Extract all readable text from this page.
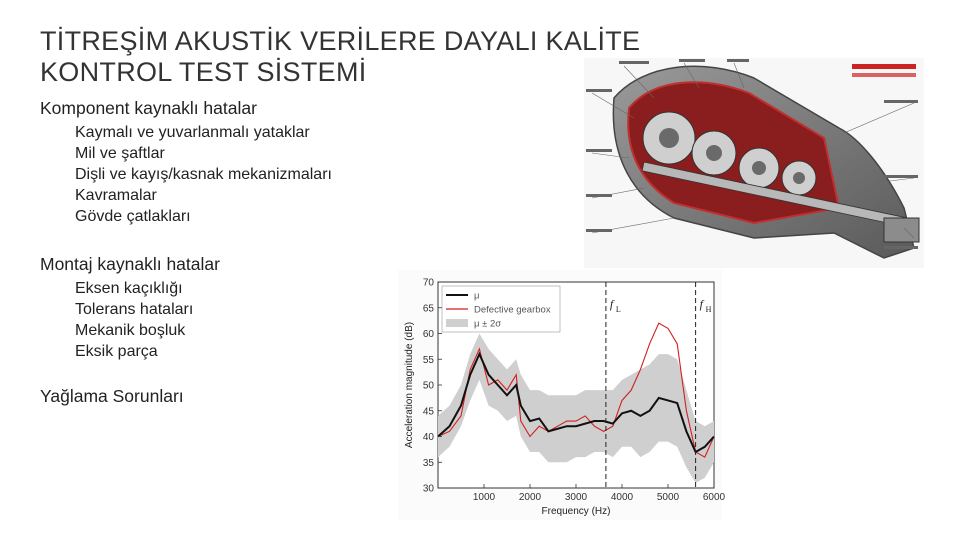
TİTREŞİM AKUSTİK VERİLERE DAYALI KALİTE
KONTROL TEST SİSTEMİ
Komponent kaynaklı hatalar
Kaymalı ve yuvarlanmalı yataklar
Mil ve şaftlar
Dişli ve kayış/kasnak mekanizmaları
Kavramalar
Gövde çatlakları
Montaj kaynaklı hatalar
Eksen kaçıklığı
Tolerans hataları
Mekanik boşluk
Eksik parça
Yağlama Sorunları
f L	f H
30
35
40
45
50
55
60
65
70
1000 2000 3000 4000 5000 6000
Frequency (Hz)
Acceleration magnitude (dB)
μ
Defective gearbox
μ ± 2σ
